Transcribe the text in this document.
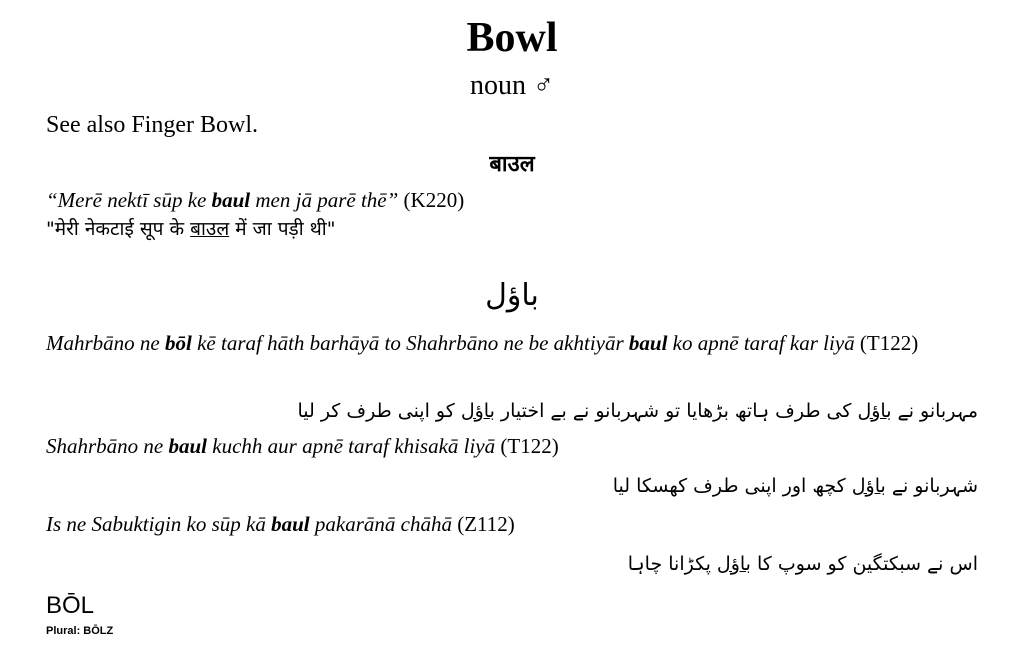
Bowl
noun ♂
See also Finger Bowl.
बाउल
“Merē nektī sūp ke baul men jā parē thē” (K220)
"मेरी नेकटाई सूप के बाउल में जा पड़ी थी"
باؤل
Mahrbāno ne bōl kē taraf hāth barhāyā to Shahrbāno ne be akhtiyār baul ko apnē taraf kar liyā (T122)
مہربانو نے باؤل کی طرف ہاتھ بڑھایا تو شہربانو نے بے اختیار باؤل کو اپنی طرف کر لیا
Shahrbāno ne baul kuchh aur apnē taraf khisakā liyā (T122)
شہربانو نے باؤل کچھ اور اپنی طرف کھسکا لیا
Is ne Sabuktigin ko sūp kā baul pakarānā chāhā (Z112)
اس نے سبکتگین کو سوپ کا باؤل پکڑانا چاہا
BŌL
Plural: BŌLZ
